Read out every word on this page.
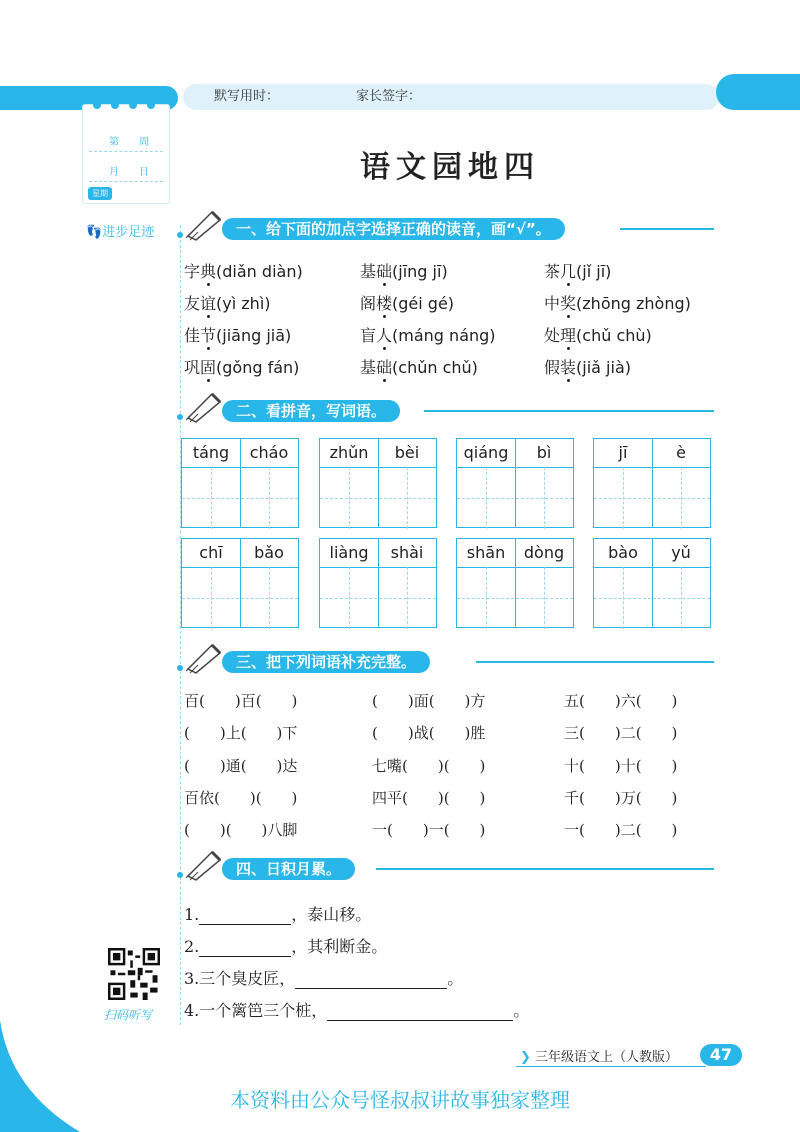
默写用时：	家长签字：
第　　周
月　　日
星期
👣进步足迹
语文园地四
一、给下面的加点字选择正确的读音，画“√”。
字典(diǎn diàn)	基础(jīng jī)	茶几(jǐ jī)
友谊(yì zhì)	阁楼(géi gé)	中奖(zhōng zhòng)
佳节(jiāng jiā)	盲人(máng náng)	处理(chǔ chù)
巩固(gǒng fán)	基础(chǔn chǔ)	假装(jiǎ jià)
二、看拼音，写词语。
táng	cháo	zhǔn	bèi	qiáng	bì	jī	è
chī	bǎo	liàng	shài	shān	dòng	bào	yǔ
三、把下列词语补充完整。
百(　　)百(　　)	(　　)面(　　)方	五(　　)六(　　)
(　　)上(　　)下	(　　)战(　　)胜	三(　　)二(　　)
(　　)通(　　)达	七嘴(　　)(　　)	十(　　)十(　　)
百依(　　)(　　)	四平(　　)(　　)	千(　　)万(　　)
(　　)(　　)八脚	一(　　)一(　　)	一(　　)二(　　)
四、日积月累。
1.	，泰山移。
2.	，其利断金。
3.三个臭皮匠，	。
4.一个篱笆三个桩，	。
扫码听写
❯ 三年级语文上（人教版）	47
本资料由公众号怪叔叔讲故事独家整理
